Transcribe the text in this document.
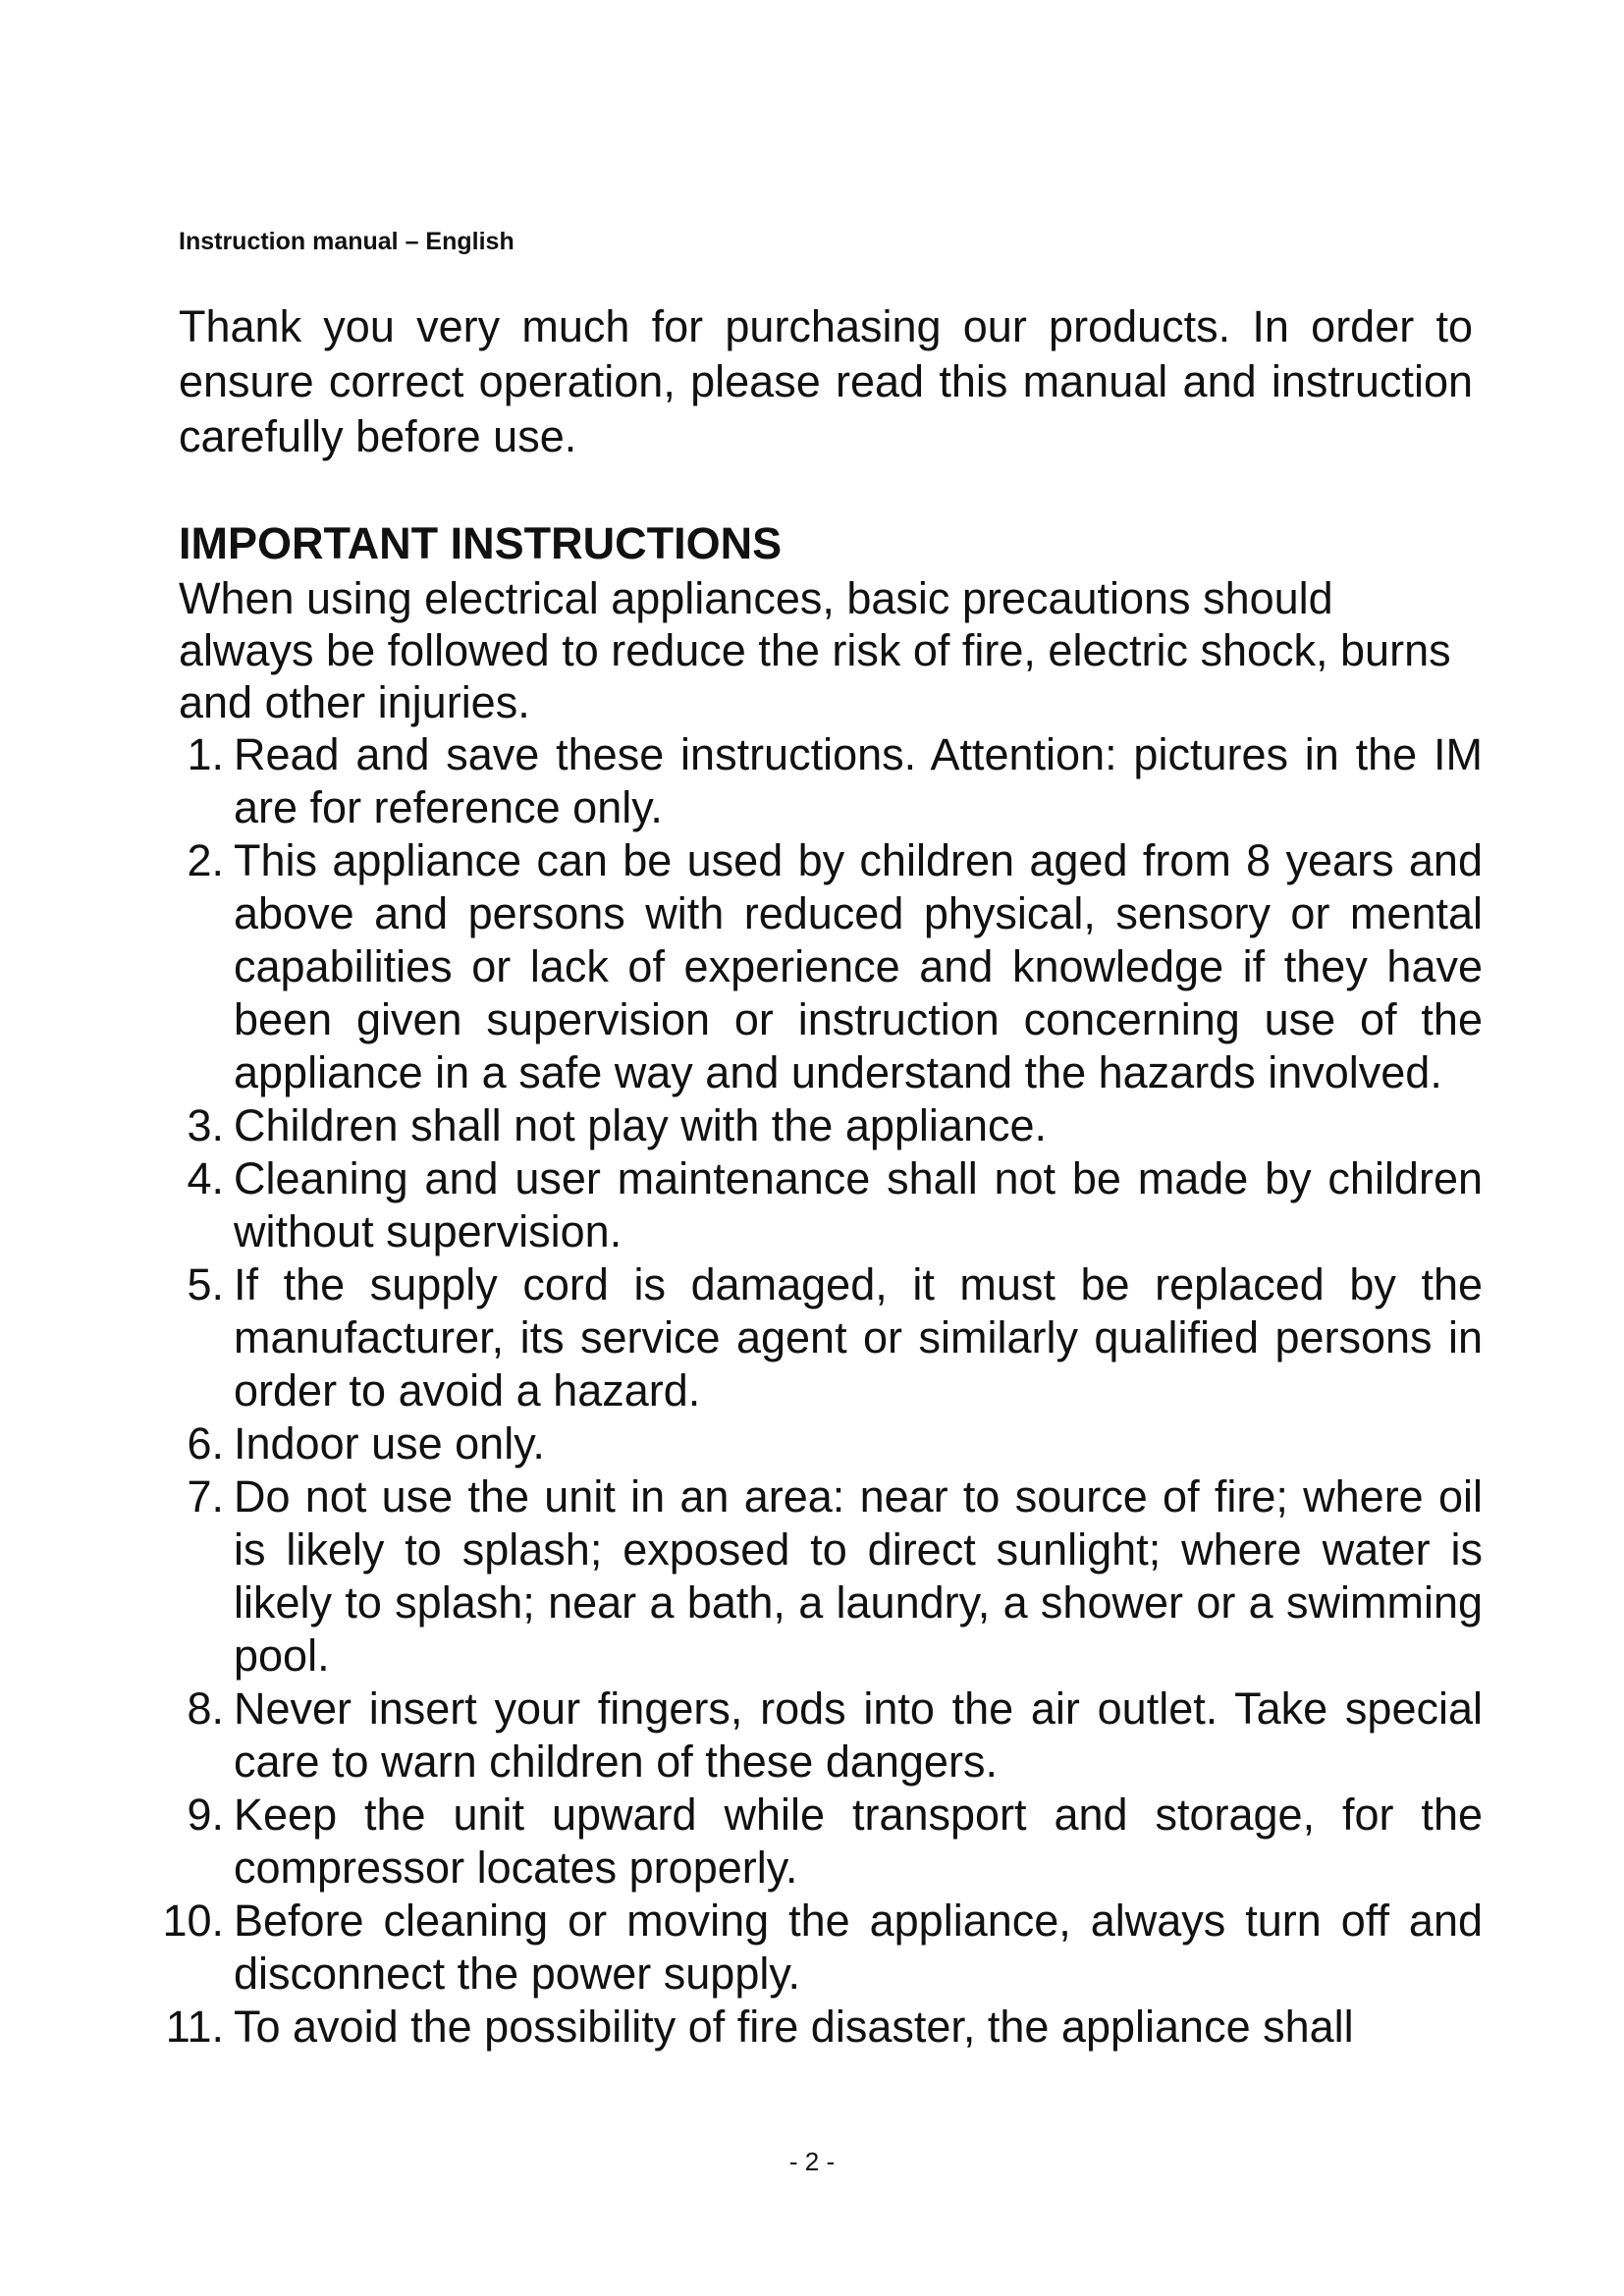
Instruction manual – English

Thank you very much for purchasing our products. In order to ensure correct operation, please read this manual and instruction carefully before use.

IMPORTANT INSTRUCTIONS

When using electrical appliances, basic precautions should always be followed to reduce the risk of fire, electric shock, burns and other injuries.

1. Read and save these instructions. Attention: pictures in the IM are for reference only.
2. This appliance can be used by children aged from 8 years and above and persons with reduced physical, sensory or mental capabilities or lack of experience and knowledge if they have been given supervision or instruction concerning use of the appliance in a safe way and understand the hazards involved.
3. Children shall not play with the appliance.
4. Cleaning and user maintenance shall not be made by children without supervision.
5. If the supply cord is damaged, it must be replaced by the manufacturer, its service agent or similarly qualified persons in order to avoid a hazard.
6. Indoor use only.
7. Do not use the unit in an area: near to source of fire; where oil is likely to splash; exposed to direct sunlight; where water is likely to splash; near a bath, a laundry, a shower or a swimming pool.
8. Never insert your fingers, rods into the air outlet. Take special care to warn children of these dangers.
9. Keep the unit upward while transport and storage, for the compressor locates properly.
10. Before cleaning or moving the appliance, always turn off and disconnect the power supply.
11. To avoid the possibility of fire disaster, the appliance shall
- 2 -
